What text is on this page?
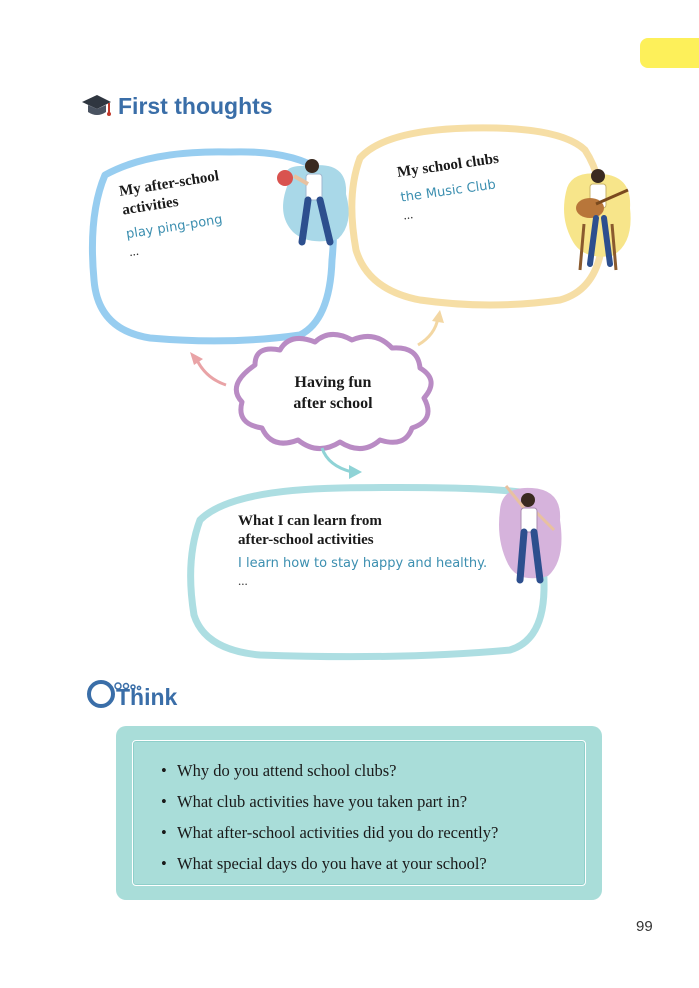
First thoughts
Having fun
after school
My after-school
activities
play ping-pong
...
My school clubs
the Music Club
...
What I can learn from
after-school activities
I learn how to stay happy and healthy.
...
Think
• Why do you attend school clubs?
• What club activities have you taken part in?
• What after-school activities did you do recently?
• What special days do you have at your school?
99
